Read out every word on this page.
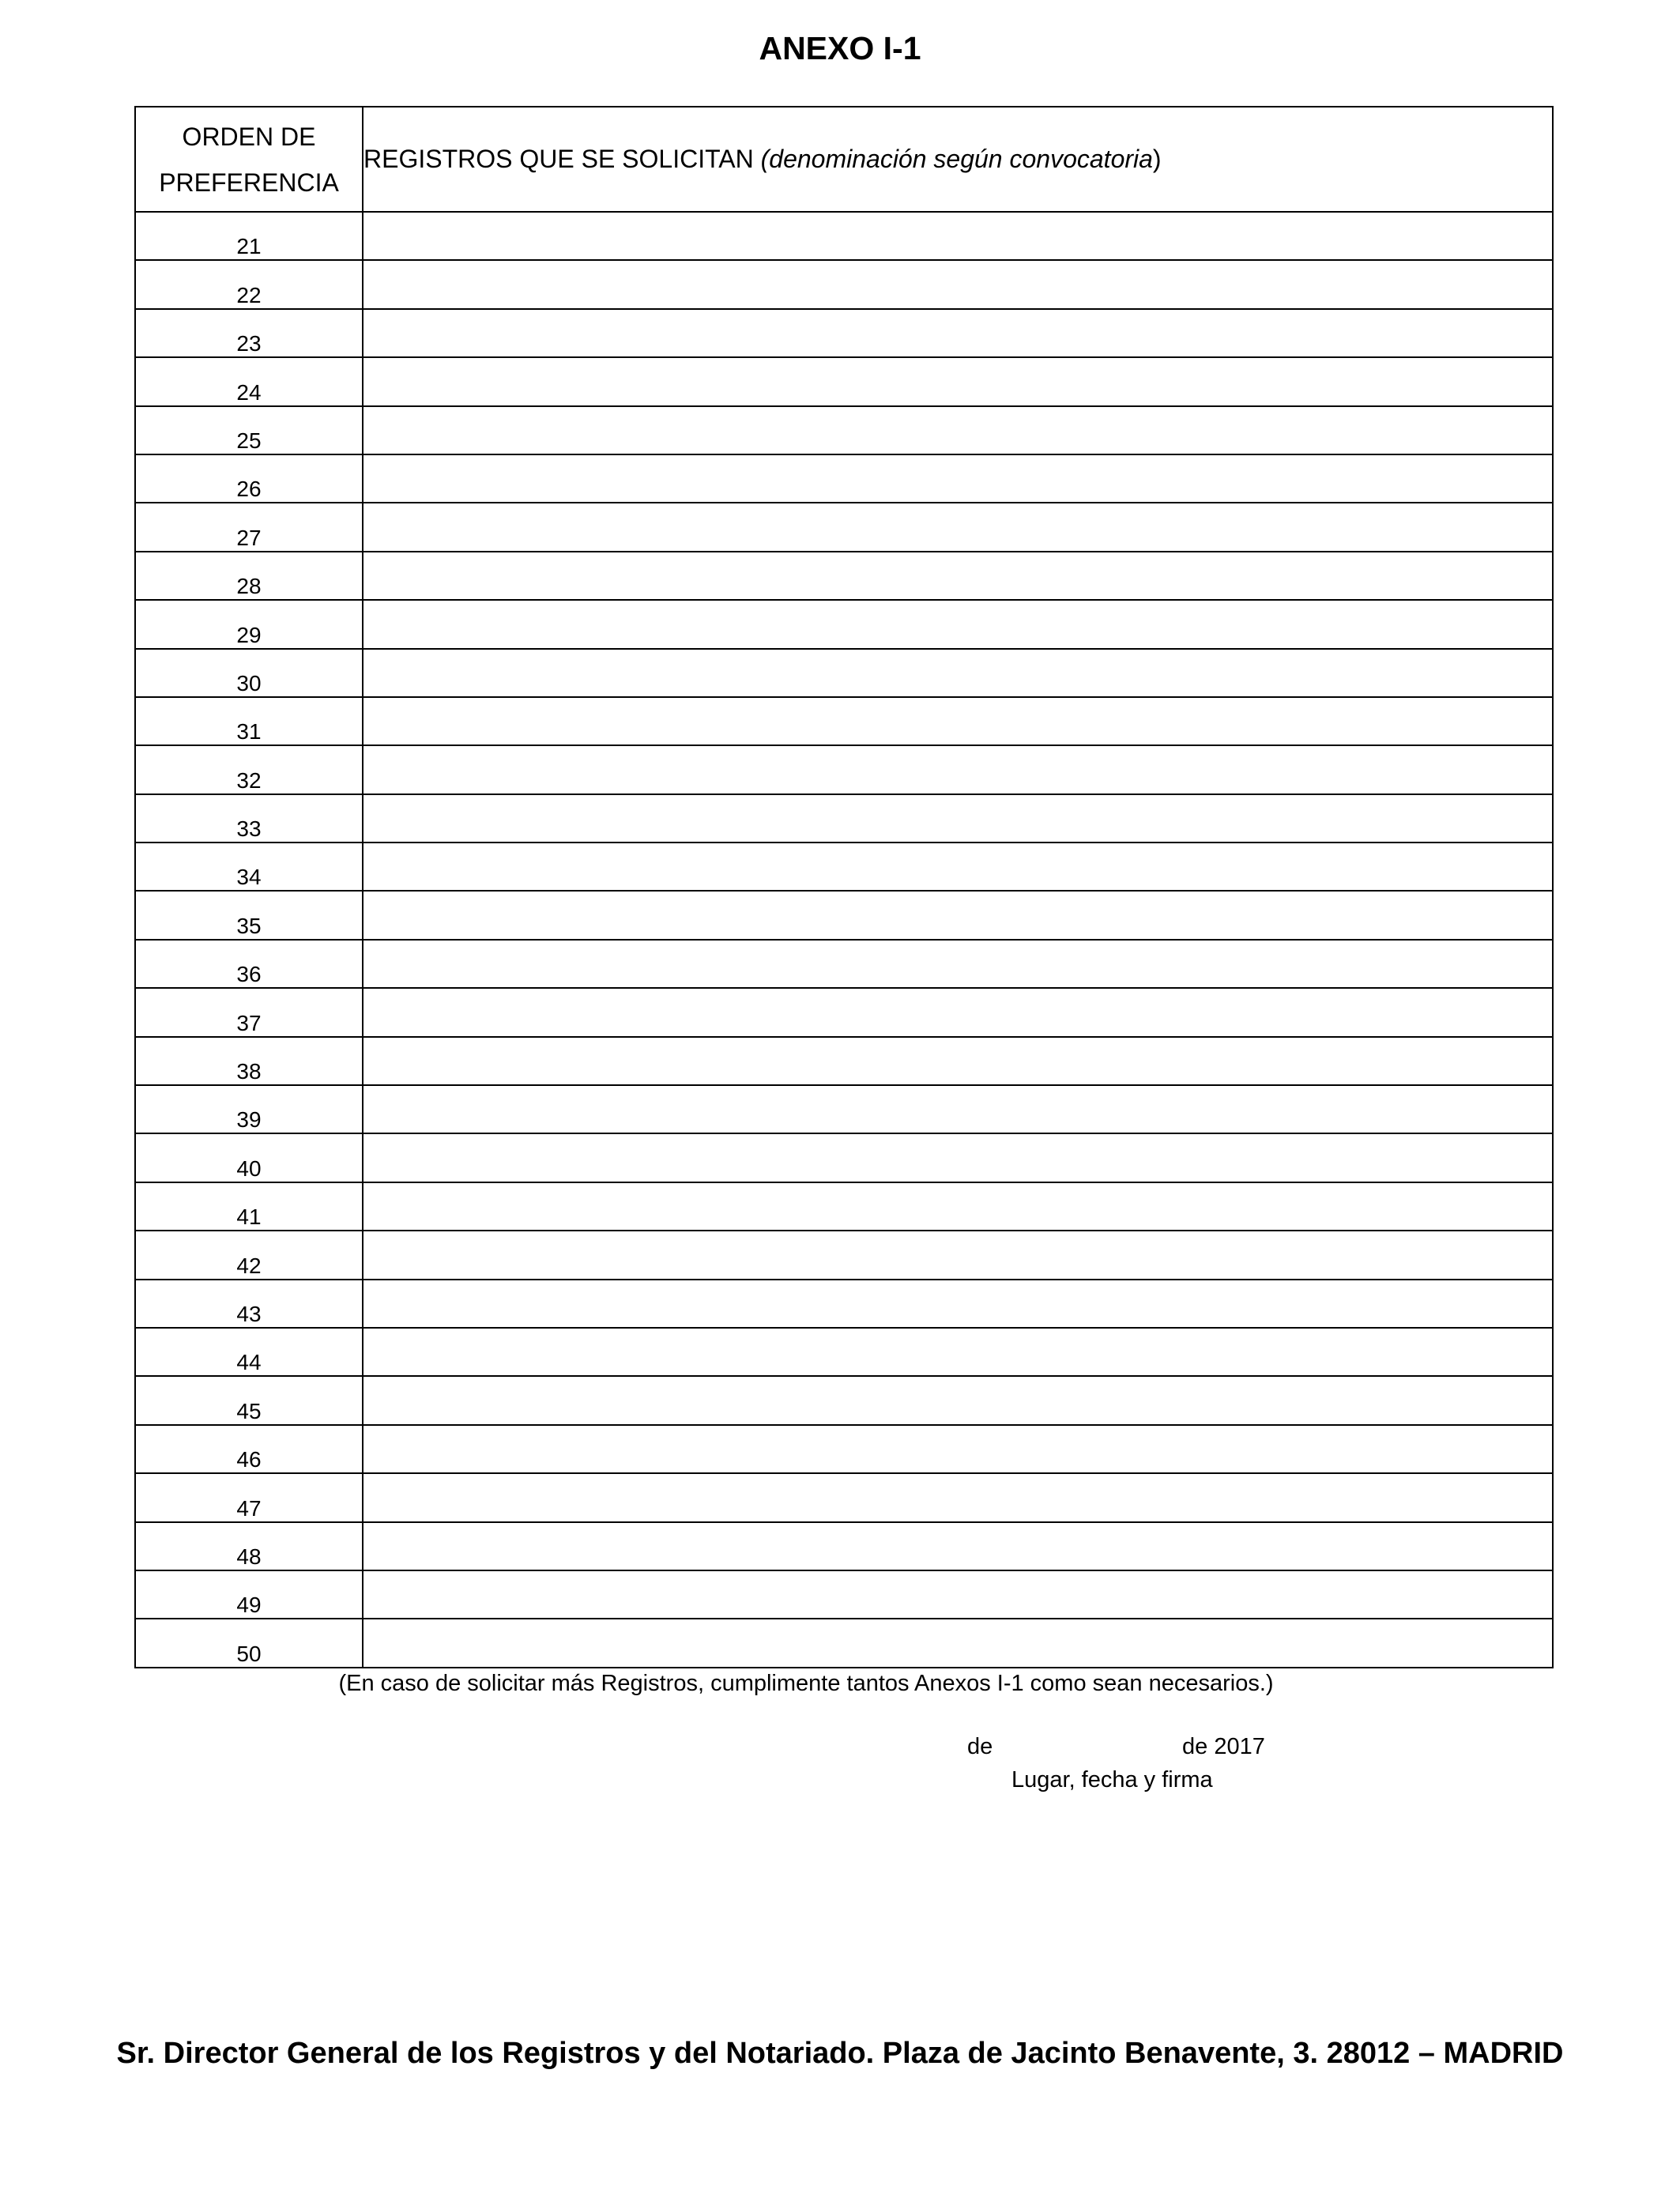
ANEXO I-1
ORDEN DE
PREFERENCIA	REGISTROS QUE SE SOLICITAN (denominación según convocatoria)
21	
22	
23	
24	
25	
26	
27	
28	
29	
30	
31	
32	
33	
34	
35	
36	
37	
38	
39	
40	
41	
42	
43	
44	
45	
46	
47	
48	
49	
50	
(En caso de solicitar más Registros, cumplimente tantos Anexos I-1 como sean necesarios.)
de	de 2017
Lugar, fecha y firma
Sr. Director General de los Registros y del Notariado. Plaza de Jacinto Benavente, 3. 28012 – MADRID
